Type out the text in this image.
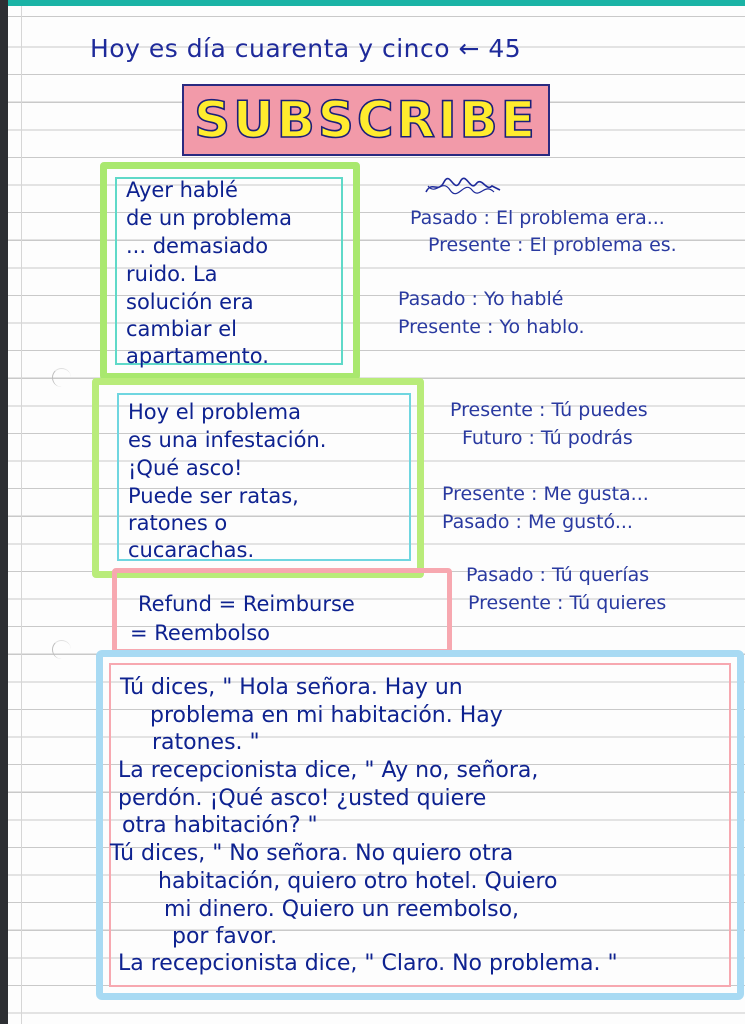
Hoy es día cuarenta y cinco ← 45
SUBSCRIBE
Ayer hablé
de un problema
... demasiado
ruido. La
solución era
cambiar el
apartamento.
Hoy el problema
es una infestación.
¡Qué asco!
Puede ser ratas,
ratones o
cucarachas.
Refund = Reimburse
= Reembolso
Pasado : El problema era...
Presente : El problema es.
Pasado : Yo hablé
Presente : Yo hablo.
Presente : Tú puedes
Futuro : Tú podrás
Presente : Me gusta...
Pasado : Me gustó...
Pasado : Tú querías
Presente : Tú quieres
Tú dices, " Hola señora. Hay un
problema en mi habitación. Hay
ratones. "
La recepcionista dice, " Ay no, señora,
perdón. ¡Qué asco! ¿usted quiere
otra habitación? "
Tú dices, " No señora. No quiero otra
habitación, quiero otro hotel. Quiero
mi dinero. Quiero un reembolso,
por favor.
La recepcionista dice, " Claro. No problema. "
